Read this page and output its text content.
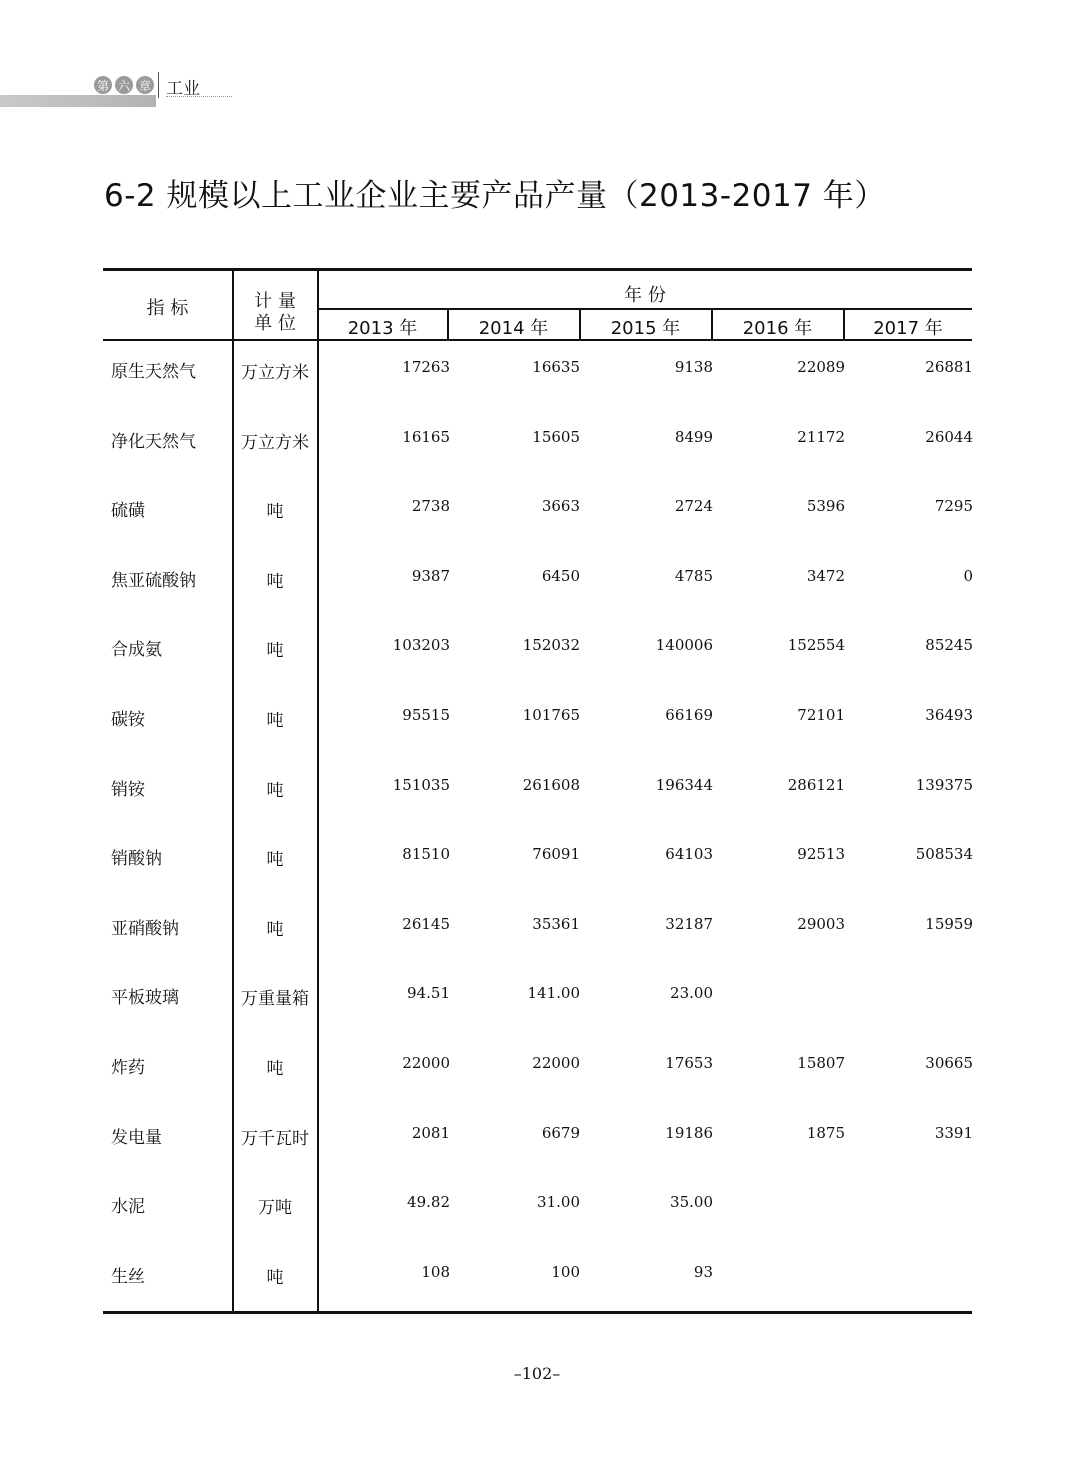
第 六 章 工业
6-2 规模以上工业企业主要产品产量（2013-2017 年）
指 标	计 量
单 位
年 份
2013 年	2014 年	2015 年	2016 年	2017 年
原生天然气	万立方米	17263	16635	9138	22089	26881
净化天然气	万立方米	16165	15605	8499	21172	26044
硫磺	吨	2738	3663	2724	5396	7295
焦亚硫酸钠	吨	9387	6450	4785	3472	0
合成氨	吨	103203	152032	140006	152554	85245
碳铵	吨	95515	101765	66169	72101	36493
销铵	吨	151035	261608	196344	286121	139375
销酸钠	吨	81510	76091	64103	92513	508534
亚硝酸钠	吨	26145	35361	32187	29003	15959
平板玻璃	万重量箱	94.51	141.00	23.00
炸药	吨	22000	22000	17653	15807	30665
发电量	万千瓦时	2081	6679	19186	1875	3391
水泥	万吨	49.82	31.00	35.00
生丝	吨	108	100	93
–102–
